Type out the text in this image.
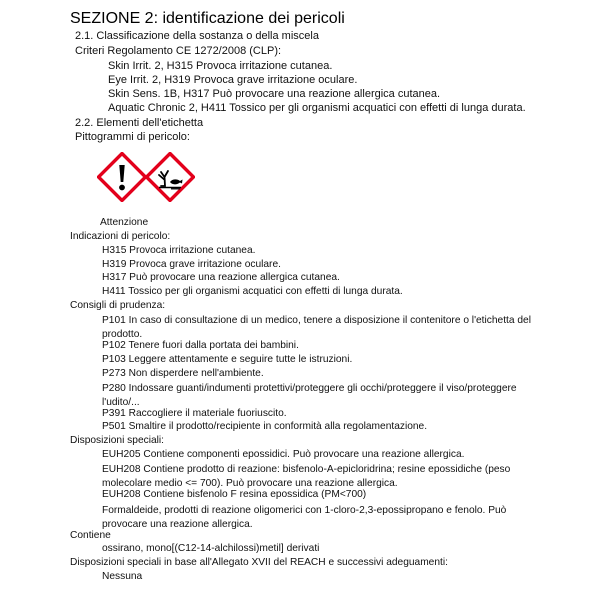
SEZIONE 2: identificazione dei pericoli
2.1. Classificazione della sostanza o della miscela
Criteri Regolamento CE 1272/2008 (CLP):
Skin Irrit. 2, H315 Provoca irritazione cutanea.
Eye Irrit. 2, H319 Provoca grave irritazione oculare.
Skin Sens. 1B, H317 Può provocare una reazione allergica cutanea.
Aquatic Chronic 2, H411 Tossico per gli organismi acquatici con effetti di lunga durata.
2.2. Elementi dell'etichetta
Pittogrammi di pericolo:
Attenzione
Indicazioni di pericolo:
H315 Provoca irritazione cutanea.
H319 Provoca grave irritazione oculare.
H317 Può provocare una reazione allergica cutanea.
H411 Tossico per gli organismi acquatici con effetti di lunga durata.
Consigli di prudenza:
P101 In caso di consultazione di un medico, tenere a disposizione il contenitore o l'etichetta del prodotto.
P102 Tenere fuori dalla portata dei bambini.
P103 Leggere attentamente e seguire tutte le istruzioni.
P273 Non disperdere nell'ambiente.
P280 Indossare guanti/indumenti protettivi/proteggere gli occhi/proteggere il viso/proteggere l'udito/...
P391 Raccogliere il materiale fuoriuscito.
P501 Smaltire il prodotto/recipiente in conformità alla regolamentazione.
Disposizioni speciali:
EUH205 Contiene componenti epossidici. Può provocare una reazione allergica.
EUH208 Contiene prodotto di reazione: bisfenolo-A-epicloridrina; resine epossidiche (peso molecolare medio <= 700). Può provocare una reazione allergica.
EUH208 Contiene bisfenolo F resina epossidica (PM<700)
Formaldeide, prodotti di reazione oligomerici con 1-cloro-2,3-epossipropano e fenolo. Può provocare una reazione allergica.
Contiene
ossirano, mono[(C12-14-alchilossi)metil] derivati
Disposizioni speciali in base all'Allegato XVII del REACH e successivi adeguamenti:
Nessuna
